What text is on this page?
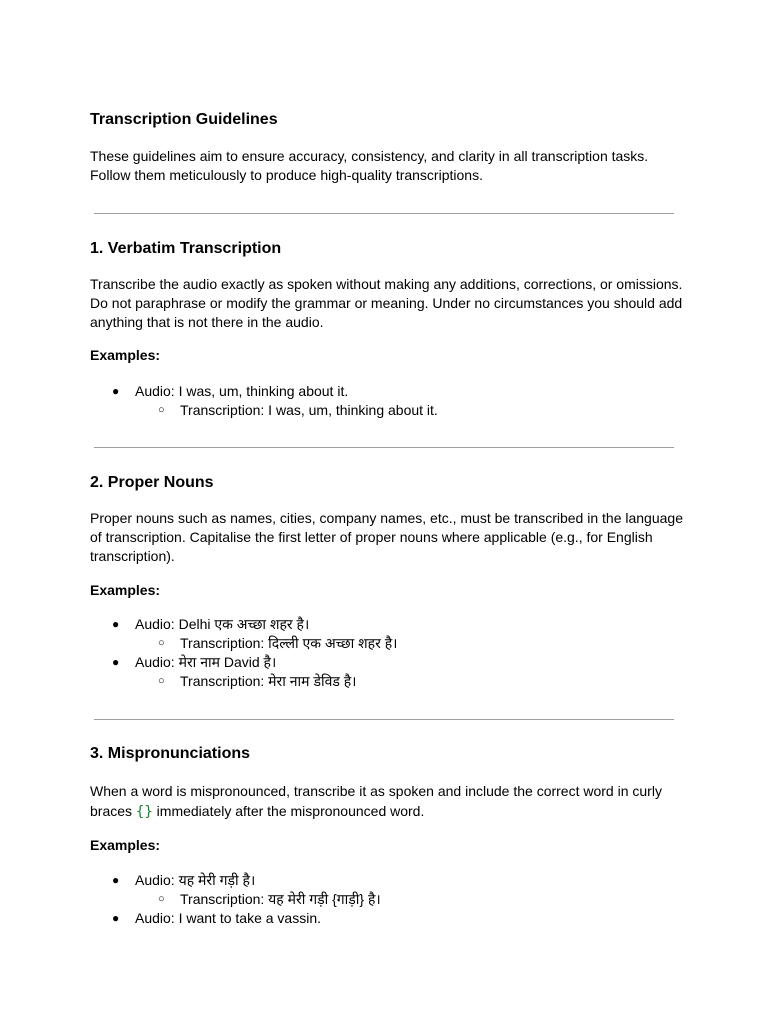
Transcription Guidelines

These guidelines aim to ensure accuracy, consistency, and clarity in all transcription tasks. Follow them meticulously to produce high-quality transcriptions.

1. Verbatim Transcription

Transcribe the audio exactly as spoken without making any additions, corrections, or omissions. Do not paraphrase or modify the grammar or meaning. Under no circumstances you should add anything that is not there in the audio.

Examples:
● Audio: I was, um, thinking about it.
○ Transcription: I was, um, thinking about it.
2. Proper Nouns

Proper nouns such as names, cities, company names, etc., must be transcribed in the language of transcription. Capitalise the first letter of proper nouns where applicable (e.g., for English transcription).

Examples:
● Audio: Delhi एक अच्छा शहर है।
○ Transcription: दिल्ली एक अच्छा शहर है।
● Audio: मेरा नाम David है।
○ Transcription: मेरा नाम डेविड है।
3. Mispronunciations

When a word is mispronounced, transcribe it as spoken and include the correct word in curly braces {} immediately after the mispronounced word.

Examples:
● Audio: यह मेरी गड़ी है।
○ Transcription: यह मेरी गड़ी {गाड़ी} है।
● Audio: I want to take a vassin.
